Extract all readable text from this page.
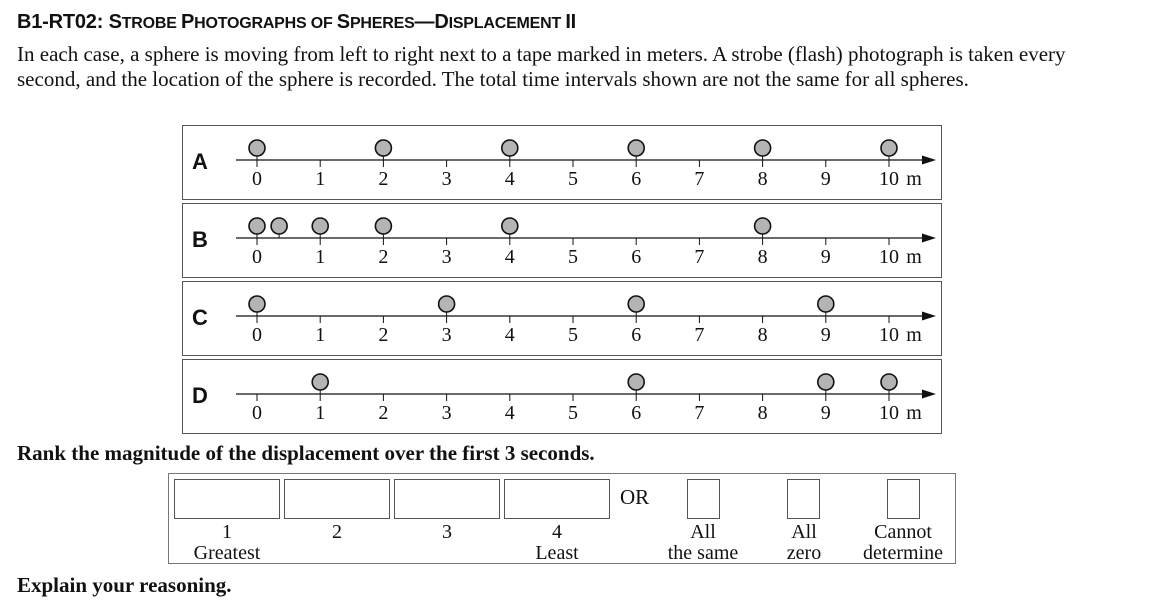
B1-RT02: STROBE PHOTOGRAPHS OF SPHERES—DISPLACEMENT II
In each case, a sphere is moving from left to right next to a tape marked in meters. A strobe (flash) photograph is taken every second, and the location of the sphere is recorded. The total time intervals shown are not the same for all spheres.
A
0	1	2	3	4	5	6	7	8	9 10 m
B
0	1	2	3	4	5	6	7	8	9 10 m
C
0	1	2	3	4	5	6	7	8	9 10 m
D
0	1	2	3	4	5	6	7	8	9 10 m
Rank the magnitude of the displacement over the first 3 seconds.
OR
1
Greatest
2	3	4
Least
All
the same
All
zero
Cannot
determine
Explain your reasoning.
